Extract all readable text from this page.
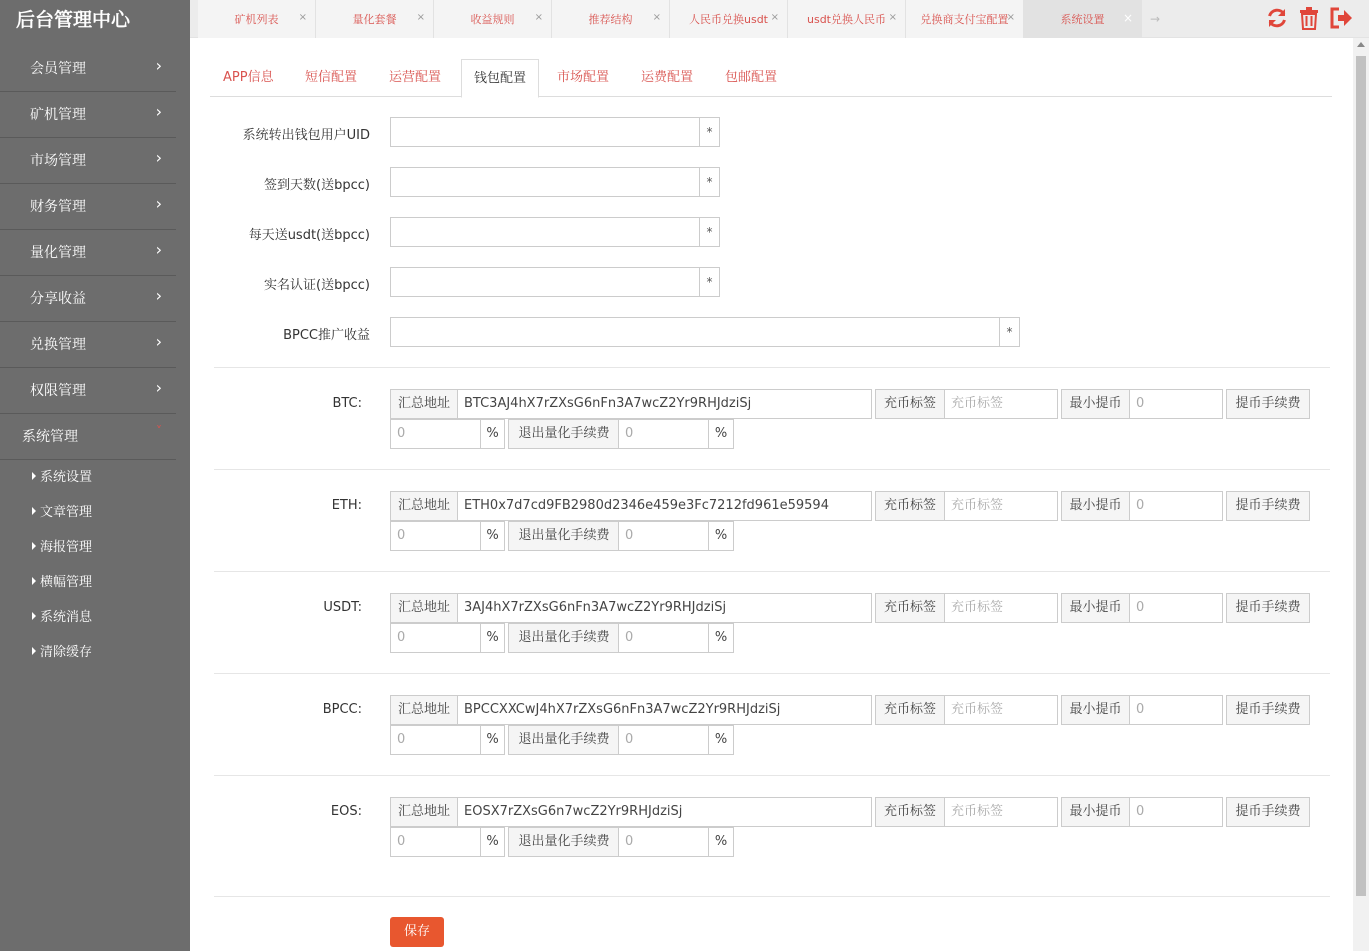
后台管理中心
会员管理	›
矿机管理	›
市场管理	›
财务管理	›
量化管理	›
分享收益	›
兑换管理	›
权限管理	›
系统管理	˅
系统设置
文章管理
海报管理
横幅管理
系统消息
清除缓存
矿机列表 ×	量化套餐 ×	收益规则 ×	推荐结构 ×	人民币兑换usdt ×	usdt兑换人民币 ×	兑换商支付宝配置
×	系统设置 ×	→

APP信息	短信配置	运营配置	钱包配置	市场配置	运费配置	包邮配置
系统转出钱包用户UID	*
签到天数(送bpcc)	*
每天送usdt(送bpcc)	*
实名认证(送bpcc)	*
BPCC推广收益	*
BTC:	汇总地址	BTC3AJ4hX7rZXsG6nFn3A7wcZ2Yr9RHJdziSj	充币标签	充币标签	最小提币	0	提币手续费
0	%	退出量化手续费	0	%
ETH:	汇总地址	ETH0x7d7cd9FB2980d2346e459e3Fc7212fd961e59594	充币标签	充币标签	最小提币	0	提币手续费
0	%	退出量化手续费	0	%
USDT:	汇总地址	3AJ4hX7rZXsG6nFn3A7wcZ2Yr9RHJdziSj	充币标签	充币标签	最小提币	0	提币手续费
0	%	退出量化手续费	0	%
BPCC:	汇总地址	BPCCXXCwJ4hX7rZXsG6nFn3A7wcZ2Yr9RHJdziSj	充币标签	充币标签	最小提币	0	提币手续费
0	%	退出量化手续费	0	%
EOS:	汇总地址	EOSX7rZXsG6n7wcZ2Yr9RHJdziSj	充币标签	充币标签	最小提币	0	提币手续费
0	%	退出量化手续费	0	%
保存
